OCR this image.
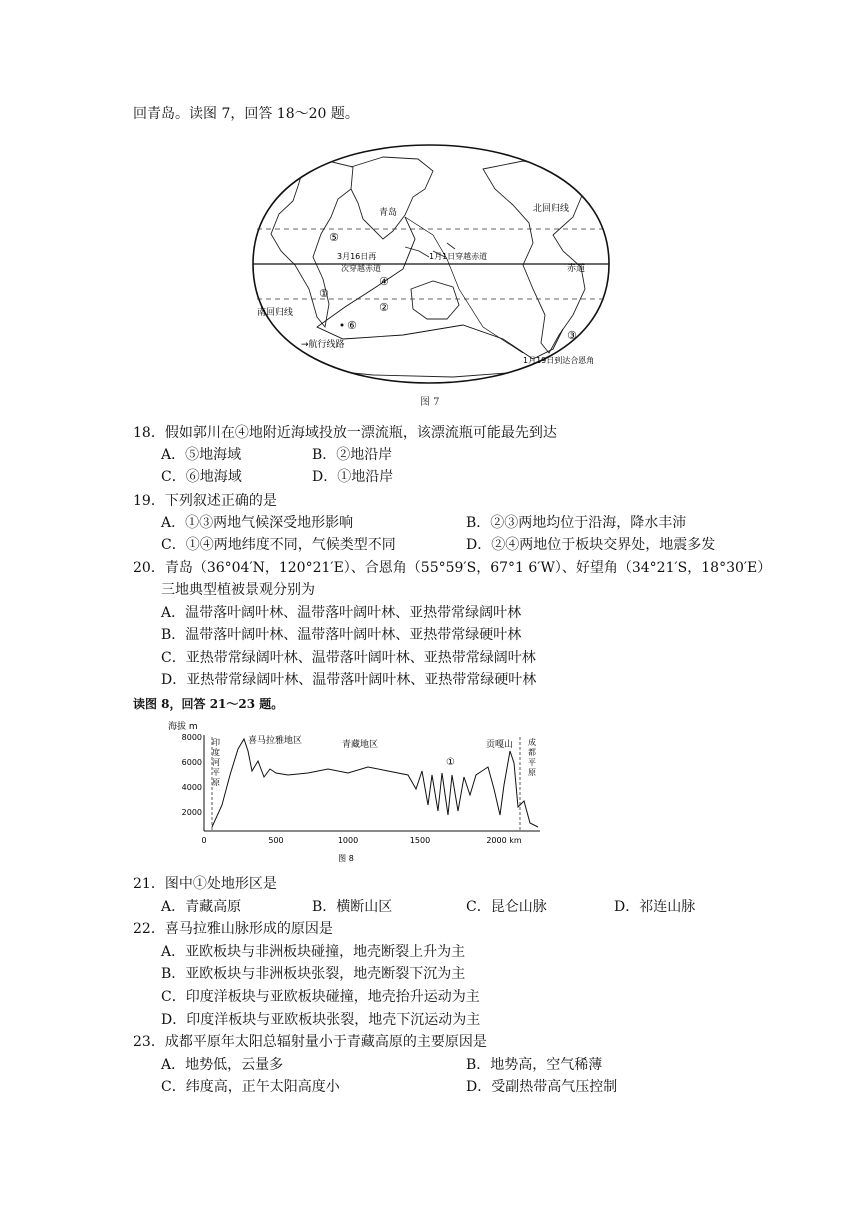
回青岛。读图 7，回答 18～20 题。
青岛	北回归线
赤道
南回归线
→航行线路
3月16日再
次穿越赤道
1月1日穿越赤道
1月19日到达合恩角
①
②
③
④
⑤
⑥
图 7
18．假如郭川在④地附近海域投放一漂流瓶，该漂流瓶可能最先到达
A．⑤地海域	B．②地沿岸
C．⑥地海域	D．①地沿岸
19．下列叙述正确的是
A．①③两地气候深受地形影响	B．②③两地均位于沿海，降水丰沛
C．①④两地纬度不同，气候类型不同	D．②④两地位于板块交界处，地震多发
20．青岛（36°04′N，120°21′E）、合恩角（55°59′S，67°1 6′W）、好望角（34°21′S，18°30′E）
三地典型植被景观分别为
A．温带落叶阔叶林、温带落叶阔叶林、亚热带常绿阔叶林
B．温带落叶阔叶林、温带落叶阔叶林、亚热带常绿硬叶林
C．亚热带常绿阔叶林、温带落叶阔叶林、亚热带常绿阔叶林
D．亚热带常绿阔叶林、温带落叶阔叶林、亚热带常绿硬叶林
读图 8，回答 21～23 题。
海拔 m
8000
6000
4000
2000
0	500	1000	1500	2000 km
喜马拉雅地区	青藏地区	贡嘎山
①
印
度
河
平
原
成
都
平
原
图 8
21．图中①处地形区是
A．青藏高原	B．横断山区	C．昆仑山脉	D．祁连山脉
22．喜马拉雅山脉形成的原因是
A．亚欧板块与非洲板块碰撞，地壳断裂上升为主
B．亚欧板块与非洲板块张裂，地壳断裂下沉为主
C．印度洋板块与亚欧板块碰撞，地壳抬升运动为主
D．印度洋板块与亚欧板块张裂，地壳下沉运动为主
23．成都平原年太阳总辐射量小于青藏高原的主要原因是
A．地势低，云量多	B．地势高，空气稀薄
C．纬度高，正午太阳高度小	D．受副热带高气压控制
